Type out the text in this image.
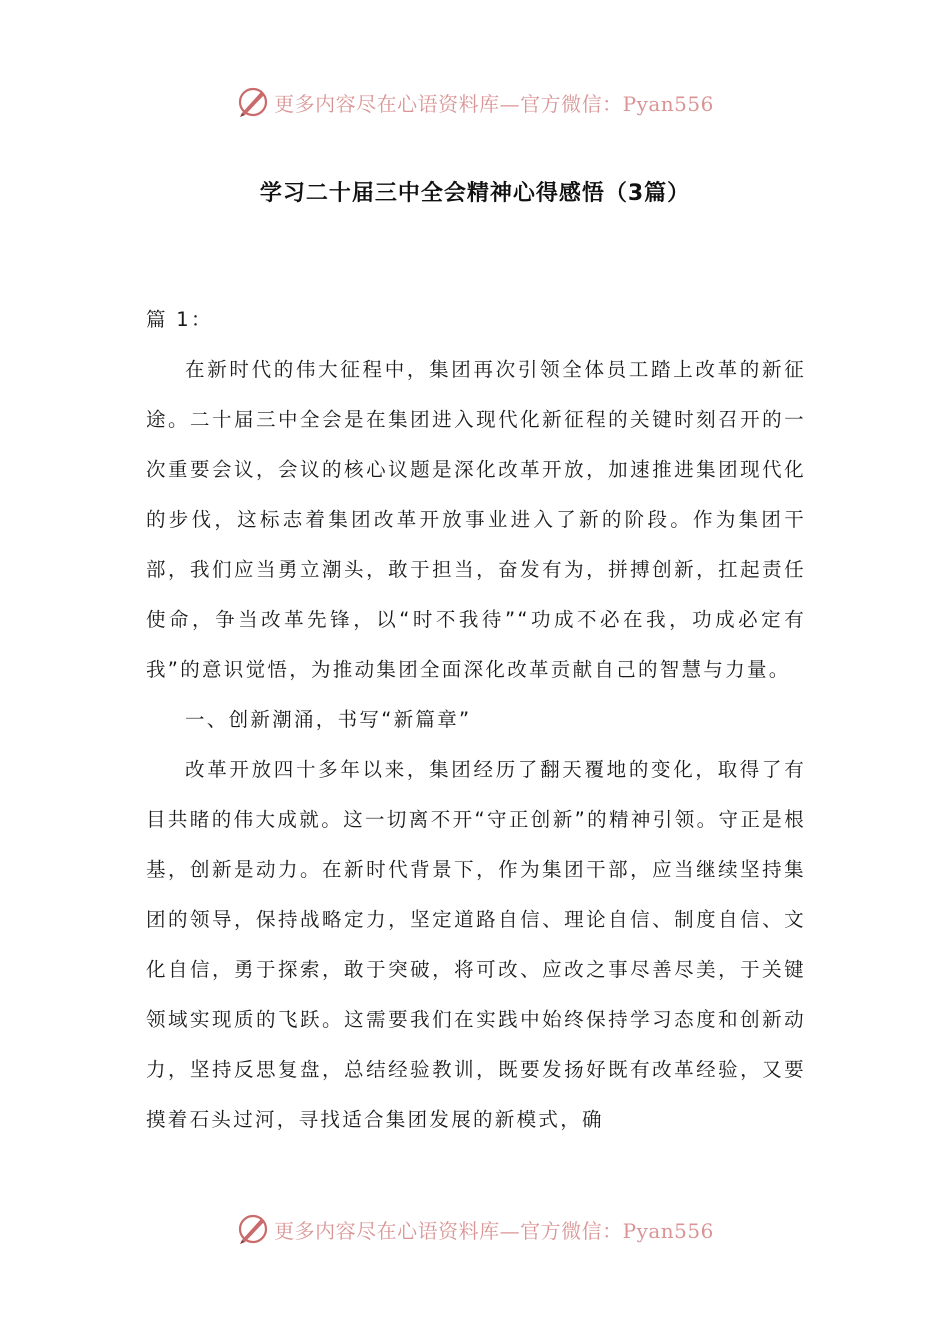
更多内容尽在心语资料库—官方微信：Pyan556
学习二十届三中全会精神心得感悟（3篇）

篇 1：

在新时代的伟大征程中，集团再次引领全体员工踏上改革的新征途。二十届三中全会是在集团进入现代化新征程的关键时刻召开的一次重要会议，会议的核心议题是深化改革开放，加速推进集团现代化的步伐，这标志着集团改革开放事业进入了新的阶段。作为集团干部，我们应当勇立潮头，敢于担当，奋发有为，拼搏创新，扛起责任使命，争当改革先锋，以“时不我待”“功成不必在我，功成必定有我”的意识觉悟，为推动集团全面深化改革贡献自己的智慧与力量。

一、创新潮涌，书写“新篇章”

改革开放四十多年以来，集团经历了翻天覆地的变化，取得了有目共睹的伟大成就。这一切离不开“守正创新”的精神引领。守正是根基，创新是动力。在新时代背景下，作为集团干部，应当继续坚持集团的领导，保持战略定力，坚定道路自信、理论自信、制度自信、文化自信，勇于探索，敢于突破，将可改、应改之事尽善尽美，于关键领域实现质的飞跃。这需要我们在实践中始终保持学习态度和创新动力，坚持反思复盘，总结经验教训，既要发扬好既有改革经验，又要摸着石头过河，寻找适合集团发展的新模式，确

更多内容尽在心语资料库—官方微信：Pyan556
